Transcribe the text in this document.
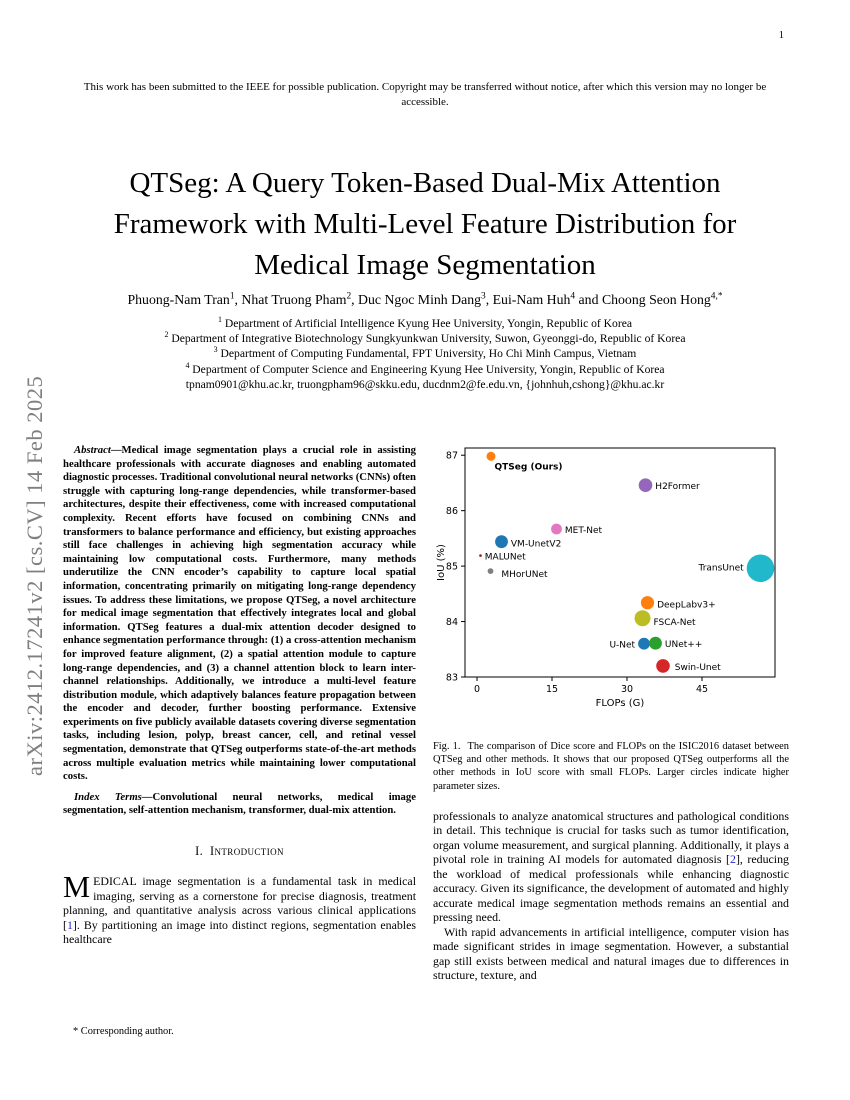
1
This work has been submitted to the IEEE for possible publication. Copyright may be transferred without notice, after which this version may no longer be accessible.
arXiv:2412.17241v2 [cs.CV] 14 Feb 2025
QTSeg: A Query Token-Based Dual-Mix Attention Framework with Multi-Level Feature Distribution for Medical Image Segmentation
Phuong-Nam Tran$^1$, Nhat Truong Pham$^2$, Duc Ngoc Minh Dang$^3$, Eui-Nam Huh$^4$ and Choong Seon Hong$^{4,*}$
$^1$ Department of Artificial Intelligence Kyung Hee University, Yongin, Republic of Korea
$^2$ Department of Integrative Biotechnology Sungkyunkwan University, Suwon, Gyeonggi-do, Republic of Korea
$^3$ Department of Computing Fundamental, FPT University, Ho Chi Minh Campus, Vietnam
$^4$ Department of Computer Science and Engineering Kyung Hee University, Yongin, Republic of Korea
tpnam0901@khu.ac.kr, truongpham96@skku.edu, ducdnm2@fe.edu.vn, {johnhuh,cshong}@khu.ac.kr

Abstract—Medical image segmentation plays a crucial role in assisting healthcare professionals with accurate diagnoses and enabling automated diagnostic processes. Traditional convolutional neural networks (CNNs) often struggle with capturing long-range dependencies, while transformer-based architectures, despite their effectiveness, come with increased computational complexity. Recent efforts have focused on combining CNNs and transformers to balance performance and efficiency, but existing approaches still face challenges in achieving high segmentation accuracy while maintaining low computational costs. Furthermore, many methods underutilize the CNN encoder’s capability to capture local spatial information, concentrating primarily on mitigating long-range dependency issues. To address these limitations, we propose QTSeg, a novel architecture for medical image segmentation that effectively integrates local and global information. QTSeg features a dual-mix attention decoder designed to enhance segmentation performance through: (1) a cross-attention mechanism for improved feature alignment, (2) a spatial attention module to capture long-range dependencies, and (3) a channel attention block to learn inter-channel relationships. Additionally, we introduce a multi-level feature distribution module, which adaptively balances feature propagation between the encoder and decoder, further boosting performance. Extensive experiments on five publicly available datasets covering diverse segmentation tasks, including lesion, polyp, breast cancer, cell, and retinal vessel segmentation, demonstrate that QTSeg outperforms state-of-the-art methods across multiple evaluation metrics while maintaining lower computational costs.

Index Terms—Convolutional neural networks, medical image segmentation, self-attention mechanism, transformer, dual-mix attention.

I. Introduction

MEDICAL image segmentation is a fundamental task in medical imaging, serving as a cornerstone for precise diagnosis, treatment planning, and quantitative analysis across various clinical applications [1]. By partitioning an image into distinct regions, segmentation enables healthcare

* Corresponding author.
0	15	30	45
83
84
85
86
87
FLOPs (G)
IoU (%)
QTSeg (Ours)
H2Former
MET-Net
VM-UnetV2
MALUNet
MHorUNet
TransUnet
DeepLabv3+
FSCA-Net
U-Net	UNet++
Swin-Unet

Fig. 1. The comparison of Dice score and FLOPs on the ISIC2016 dataset between QTSeg and other methods. It shows that our proposed QTSeg outperforms all the other methods in IoU score with small FLOPs. Larger circles indicate higher parameter sizes.

professionals to analyze anatomical structures and pathological conditions in detail. This technique is crucial for tasks such as tumor identification, organ volume measurement, and surgical planning. Additionally, it plays a pivotal role in training AI models for automated diagnosis [2], reducing the workload of medical professionals while enhancing diagnostic accuracy. Given its significance, the development of automated and highly accurate medical image segmentation methods remains an essential and pressing need.

With rapid advancements in artificial intelligence, computer vision has made significant strides in image segmentation. However, a substantial gap still exists between medical and natural images due to differences in structure, texture, and
